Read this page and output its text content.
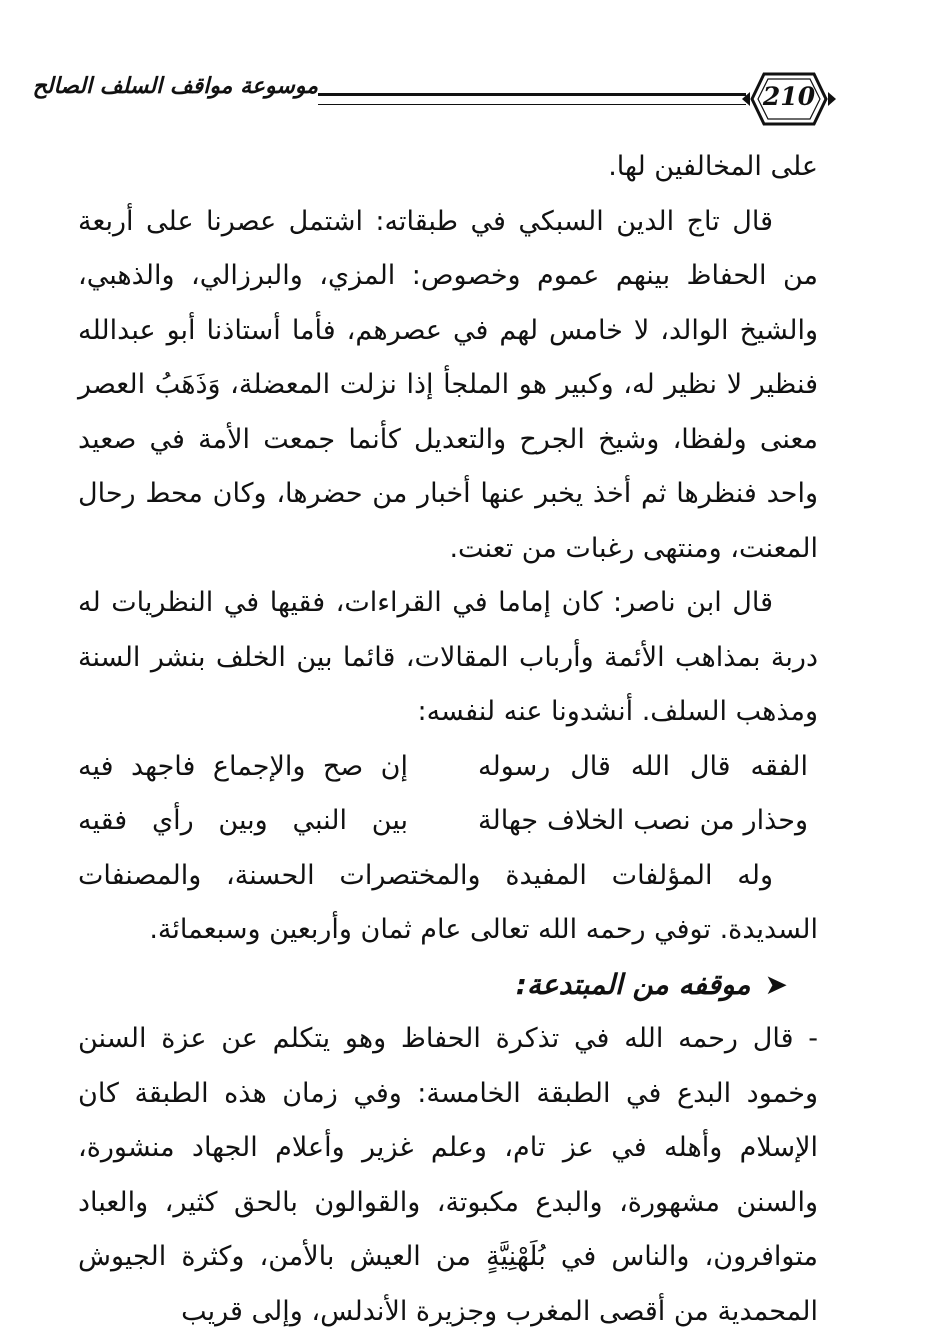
موسوعة مواقف السلف الصالح	210

على المخالفين لها.

قال تاج الدين السبكي في طبقاته: اشتمل عصرنا على أربعة من الحفاظ بينهم عموم وخصوص: المزي، والبرزالي، والذهبي، والشيخ الوالد، لا خامس لهم في عصرهم، فأما أستاذنا أبو عبدالله فنظير لا نظير له، وكبير هو الملجأ إذا نزلت المعضلة، وَذَهَبُ العصر معنى ولفظا، وشيخ الجرح والتعديل كأنما جمعت الأمة في صعيد واحد فنظرها ثم أخذ يخبر عنها أخبار من حضرها، وكان محط رحال المعنت، ومنتهى رغبات من تعنت.

قال ابن ناصر: كان إماما في القراءات، فقيها في النظريات له دربة بمذاهب الأئمة وأرباب المقالات، قائما بين الخلف بنشر السنة ومذهب السلف. أنشدونا عنه لنفسه:

الفقه قال الله قال رسوله
إن صح والإجماع فاجهد فيه
وحذار من نصب الخلاف جهالة
بين النبي وبين رأي فقيه

وله المؤلفات المفيدة والمختصرات الحسنة، والمصنفات السديدة. توفي رحمه الله تعالى عام ثمان وأربعين وسبعمائة.

➤موقفه من المبتدعة:

- قال رحمه الله في تذكرة الحفاظ وهو يتكلم عن عزة السنن وخمود البدع في الطبقة الخامسة: وفي زمان هذه الطبقة كان الإسلام وأهله في عز تام، وعلم غزير وأعلام الجهاد منشورة، والسنن مشهورة، والبدع مكبوتة، والقوالون بالحق كثير، والعباد متوافرون، والناس في بُلَهْنِيَّةٍ من العيش بالأمن، وكثرة الجيوش المحمدية من أقصى المغرب وجزيرة الأندلس، وإلى قريب
